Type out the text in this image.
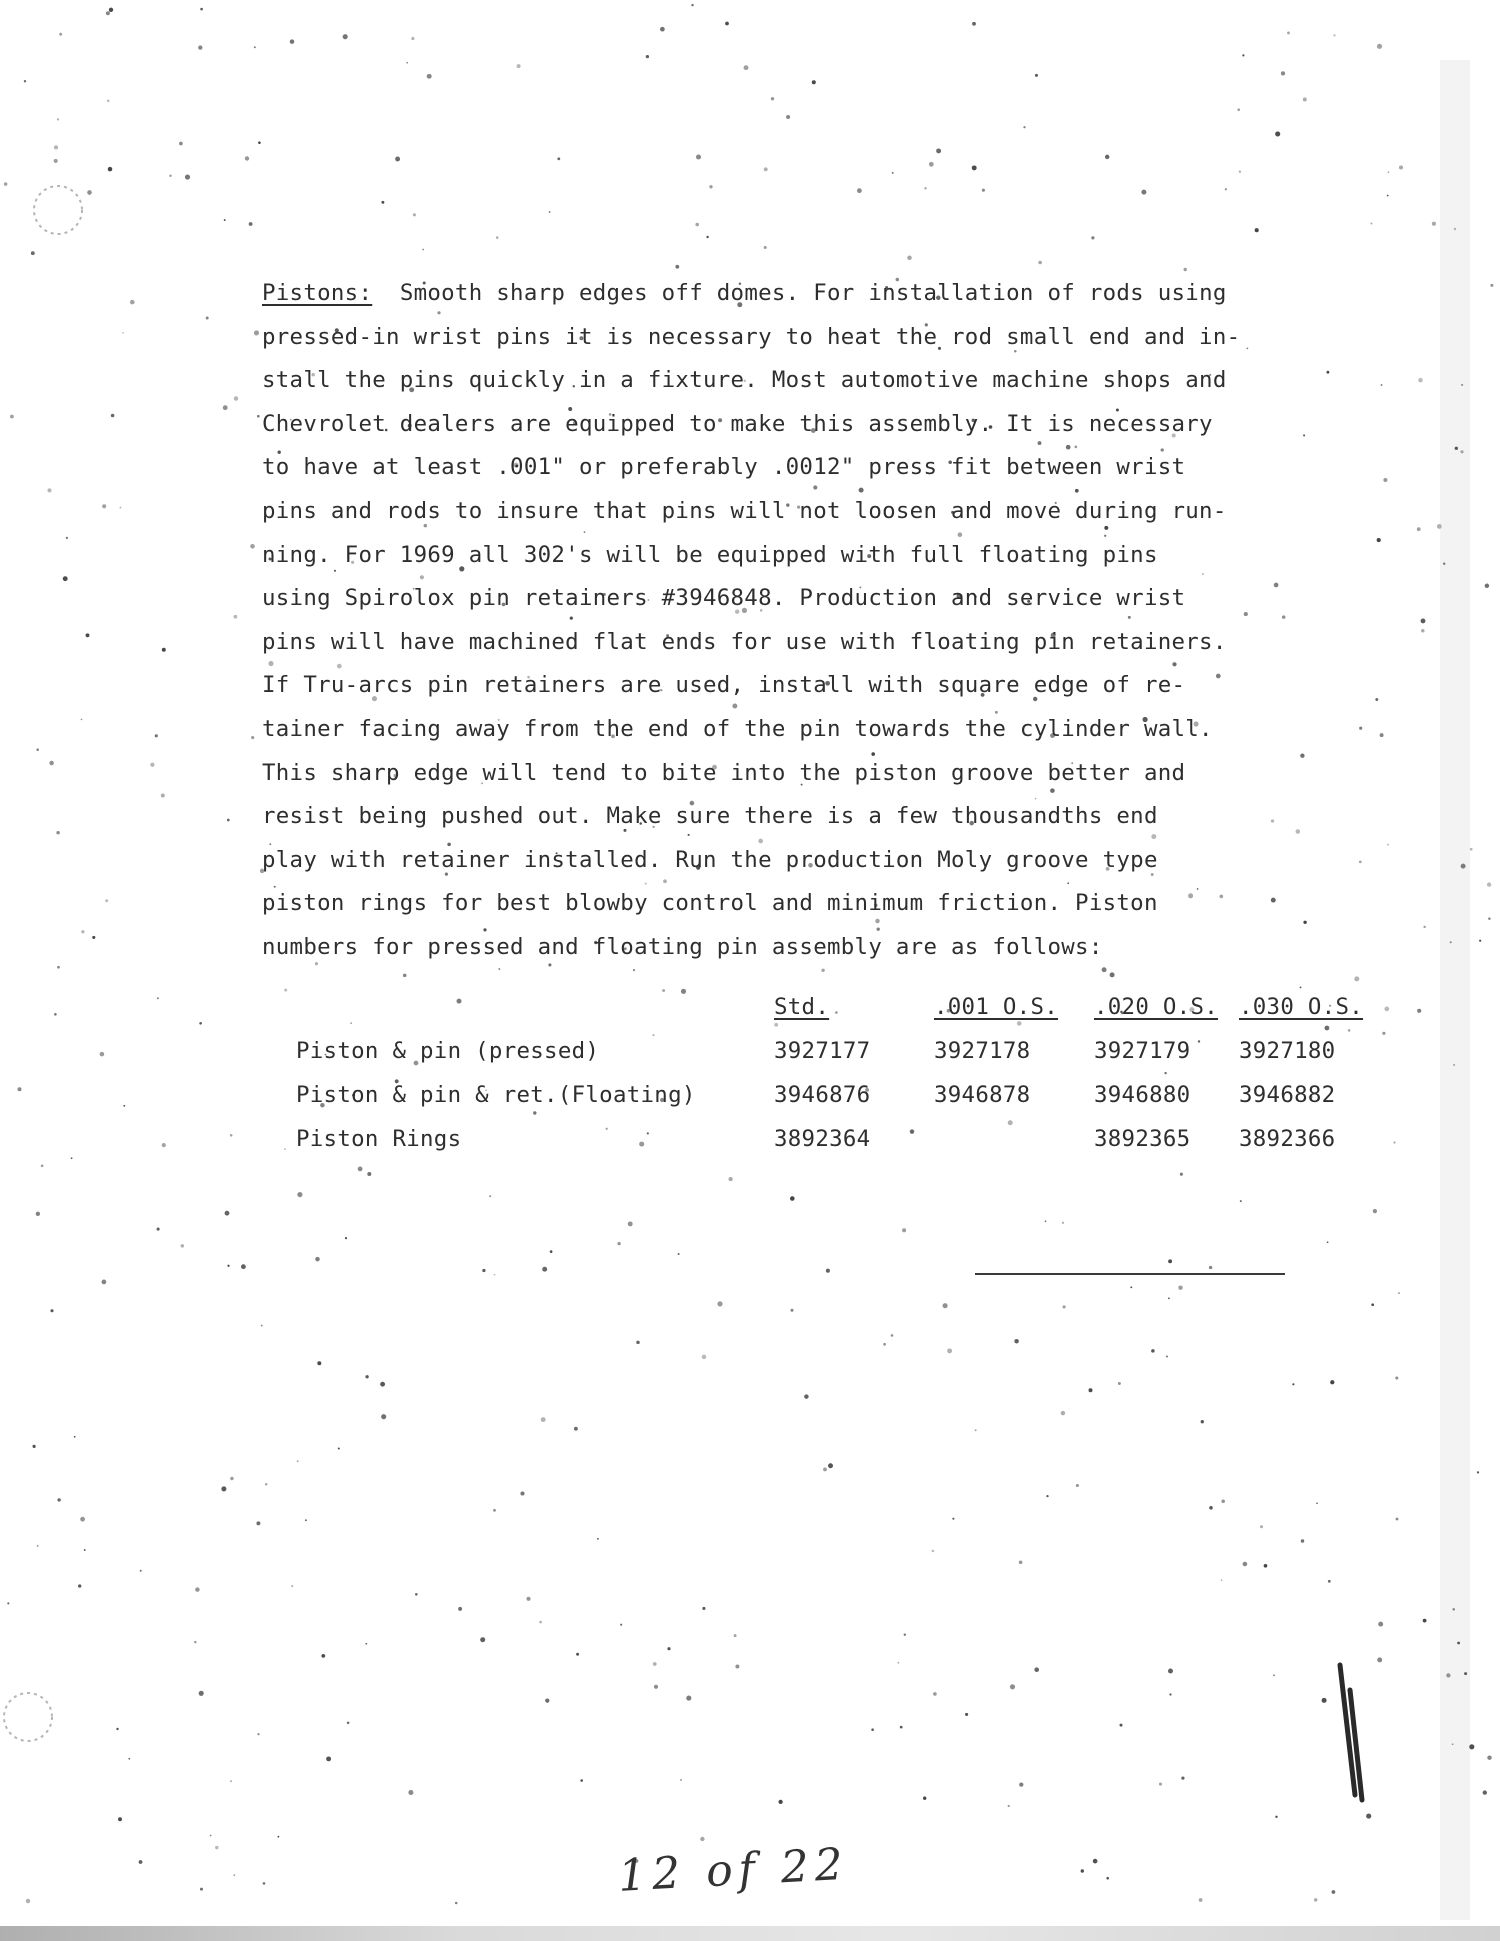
Pistons: Smooth sharp edges off domes. For installation of rods using
pressed-in wrist pins it is necessary to heat the rod small end and in-
stall the pins quickly in a fixture. Most automotive machine shops and
Chevrolet dealers are equipped to make this assembly. It is necessary
to have at least .001" or preferably .0012" press fit between wrist
pins and rods to insure that pins will not loosen and move during run-
ning. For 1969 all 302's will be equipped with full floating pins
using Spirolox pin retainers #3946848. Production and service wrist
pins will have machined flat ends for use with floating pin retainers.
If Tru-arcs pin retainers are used, install with square edge of re-
tainer facing away from the end of the pin towards the cylinder wall.
This sharp edge will tend to bite into the piston groove better and
resist being pushed out. Make sure there is a few thousandths end
play with retainer installed. Run the production Moly groove type
piston rings for best blowby control and minimum friction. Piston
numbers for pressed and floating pin assembly are as follows:
	Std.	.001 O.S.	.020 O.S.	.030 O.S.
Piston & pin (pressed)	3927177	3927178	3927179	3927180
Piston & pin & ret.(Floating)	3946876	3946878	3946880	3946882
Piston Rings	3892364		3892365	3892366
12 of 22
